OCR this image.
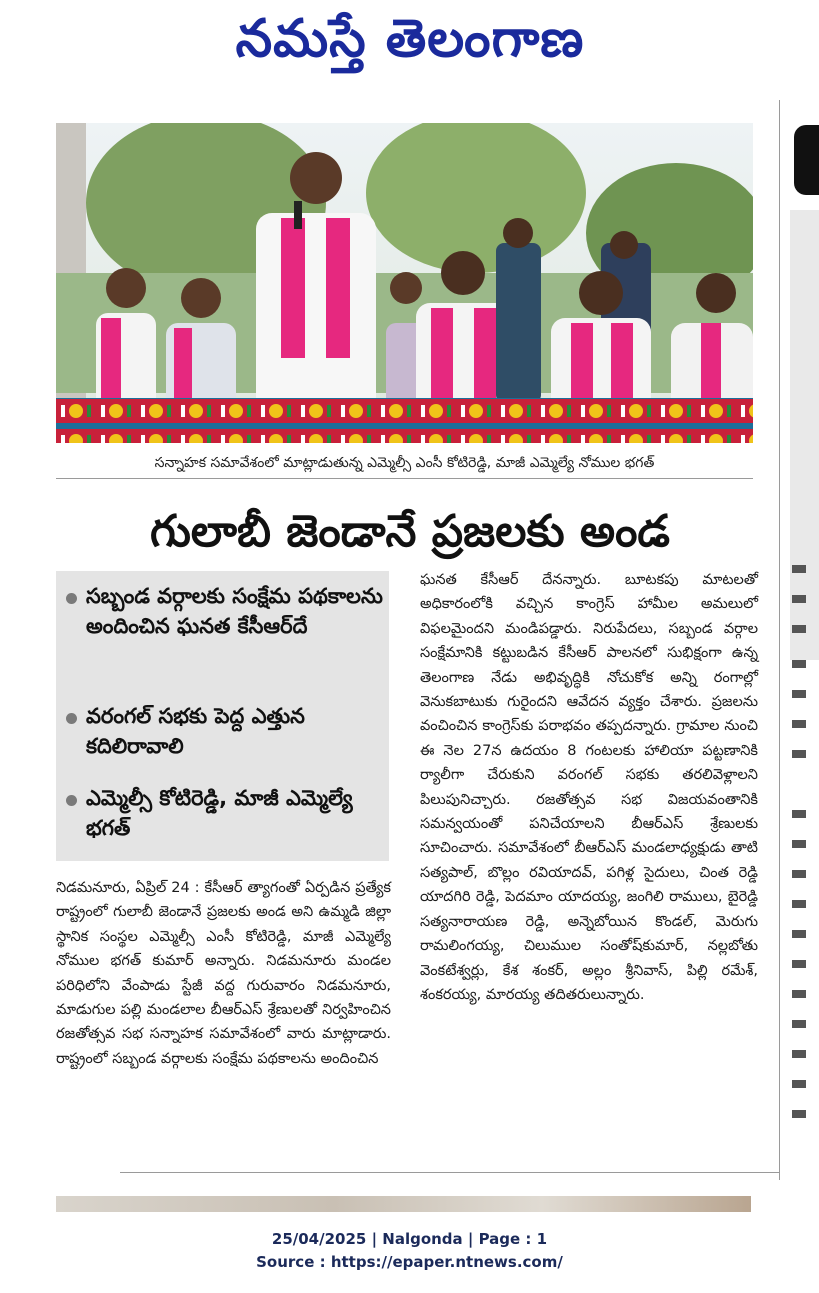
నమస్తే తెలంగాణ
సన్నాహక సమావేశంలో మాట్లాడుతున్న ఎమ్మెల్సీ ఎంసీ కోటిరెడ్డి, మాజీ ఎమ్మెల్యే నోముల భగత్
గులాబీ జెండానే ప్రజలకు అండ
సబ్బండ వర్గాలకు సంక్షేమ పథకాలను అందించిన ఘనత కేసీఆర్‌దే
వరంగల్ సభకు పెద్ద ఎత్తున కదిలిరావాలి
ఎమ్మెల్సీ కోటిరెడ్డి, మాజీ ఎమ్మెల్యే భగత్
నిడమనూరు, ఏప్రిల్ 24 : కేసీఆర్ త్యాగంతో ఏర్పడిన ప్రత్యేక రాష్ట్రంలో గులాబీ జెండానే ప్రజలకు అండ అని ఉమ్మడి జిల్లా స్థానిక సంస్థల ఎమ్మెల్సీ ఎంసీ కోటిరెడ్డి, మాజీ ఎమ్మెల్యే నోముల భగత్ కుమార్ అన్నారు. నిడమనూరు మండల పరిధిలోని వేంపాడు స్టేజీ వద్ద గురువారం నిడమనూరు, మాడుగుల పల్లి మండలాల బీఆర్‌ఎస్ శ్రేణులతో నిర్వహించిన రజతోత్సవ సభ సన్నాహక సమావేశంలో వారు మాట్లాడారు. రాష్ట్రంలో సబ్బండ వర్గాలకు సంక్షేమ పథకాలను అందించిన
ఘనత కేసీఆర్ దేనన్నారు. బూటకపు మాటలతో అధికారంలోకి వచ్చిన కాంగ్రెస్ హామీల అమలులో విఫలమైందని మండిపడ్డారు. నిరుపేదలు, సబ్బండ వర్గాల సంక్షేమానికి కట్టుబడిన కేసీఆర్ పాలనలో సుభిక్షంగా ఉన్న తెలంగాణ నేడు అభివృద్ధికి నోచుకోక అన్ని రంగాల్లో వెనుకబాటుకు గురైందని ఆవేదన వ్యక్తం చేశారు. ప్రజలను వంచించిన కాంగ్రెస్‌కు పరాభవం తప్పదన్నారు. గ్రామాల నుంచి ఈ నెల 27న ఉదయం 8 గంటలకు హాలియా పట్టణానికి ర్యాలీగా చేరుకుని వరంగల్ సభకు తరలివెళ్లాలని పిలుపునిచ్చారు. రజతోత్సవ సభ విజయవంతానికి సమన్వయంతో పనిచేయాలని బీఆర్‌ఎస్ శ్రేణులకు సూచించారు. సమావేశంలో బీఆర్‌ఎస్ మండలాధ్యక్షుడు తాటి సత్యపాల్, బొల్లం రవియాదవ్, పగిళ్ల సైదులు, చింత రెడ్డి యాదగిరి రెడ్డి, పెదమాం యాదయ్య, జంగిలి రాములు, బైరెడ్డి సత్యనారాయణ రెడ్డి, అన్నెబోయిన కొండల్, మెరుగు రామలింగయ్య, చిలుముల సంతోష్‌కుమార్, నల్లబోతు వెంకటేశ్వర్లు, కేశ శంకర్, అల్లం శ్రీనివాస్, పిల్లి రమేశ్, శంకరయ్య, మారయ్య తదితరులున్నారు.
25/04/2025 | Nalgonda | Page : 1
Source : https://epaper.ntnews.com/
